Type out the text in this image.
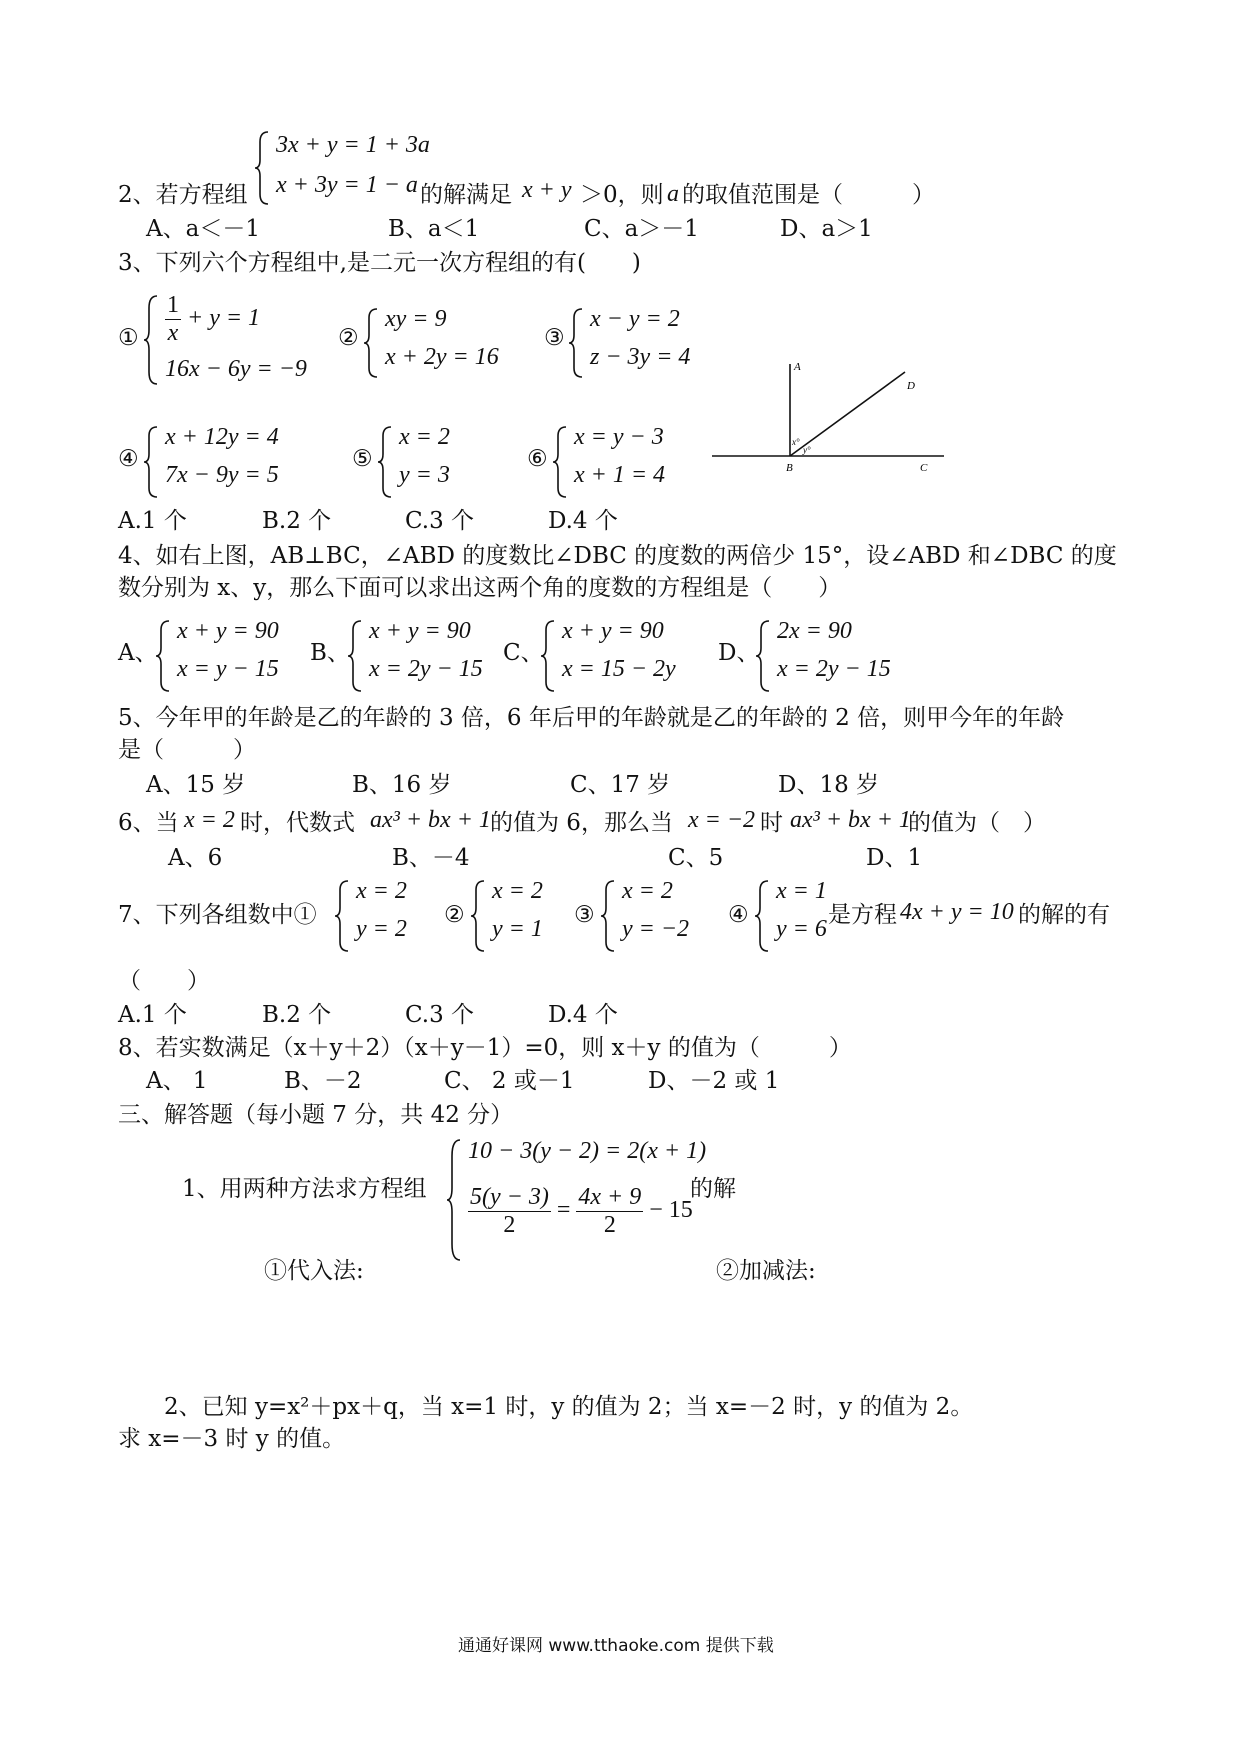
3x + y = 1 + 3a
x + 3y = 1 − a
2、若方程组	的解满足 x + y ＞0，则 a 的取值范围是（　　　）
A、a＜－1	B、a＜1	C、a＞－1	D、a＞1
3、下列六个方程组中,是二元一次方程组的有(　　)
① $\frac{1}{x} + y = 1$
16x − 6y = −9
②
xy = 9
x + 2y = 16
③
x − y = 2
z − 3y = 4
④
x + 12y = 4
7x − 9y = 5
⑤
x = 2
y = 3
⑥
x = y − 3
x + 1 = 4
A
D
B	C
x°
y°
A.1 个	B.2 个	C.3 个	D.4 个
4、如右上图，AB⊥BC，∠ABD 的度数比∠DBC 的度数的两倍少 15°，设∠ABD 和∠DBC 的度
数分别为 x、y，那么下面可以求出这两个角的度数的方程组是（　　）
A、
x + y = 90
x = y − 15
B、
x + y = 90
x = 2y − 15
C、
x + y = 90
x = 15 − 2y
D、
2x = 90
x = 2y − 15
5、今年甲的年龄是乙的年龄的 3 倍，6 年后甲的年龄就是乙的年龄的 2 倍，则甲今年的年龄
是（　　　）
A、15 岁	B、16 岁	C、17 岁	D、18 岁
6、当 x = 2 时，代数式 ax³ + bx + 1 的值为 6，那么当 x = −2 时 ax³ + bx + 1
的值为（　）
A、6	B、－4	C、5	D、1
7、下列各组数中①
x = 2
y = 2
②
x = 2
y = 1
③
x = 2
y = −2
④
x = 1
y = 6
是方程 4x + y = 10 的解的有
（　　）
A.1 个	B.2 个	C.3 个	D.4 个
8、若实数满足（x＋y＋2）（x＋y－1）=0，则 x＋y 的值为（　　　）
A、 1	B、－2	C、 2 或－1	D、－2 或 1
三、解答题（每小题 7 分，共 42 分）
1、用两种方法求方程组
10 − 3(y − 2) = 2(x + 1)
$\frac{5(y - 3)}{2} = \frac{4x + 9}{2} - 15$
的解
①代入法:	②加减法:
2、已知 y=x²＋px＋q，当 x=1 时，y 的值为 2；当 x=－2 时，y 的值为 2。
求 x=－3 时 y 的值。
通通好课网 www.tthaoke.com 提供下载
